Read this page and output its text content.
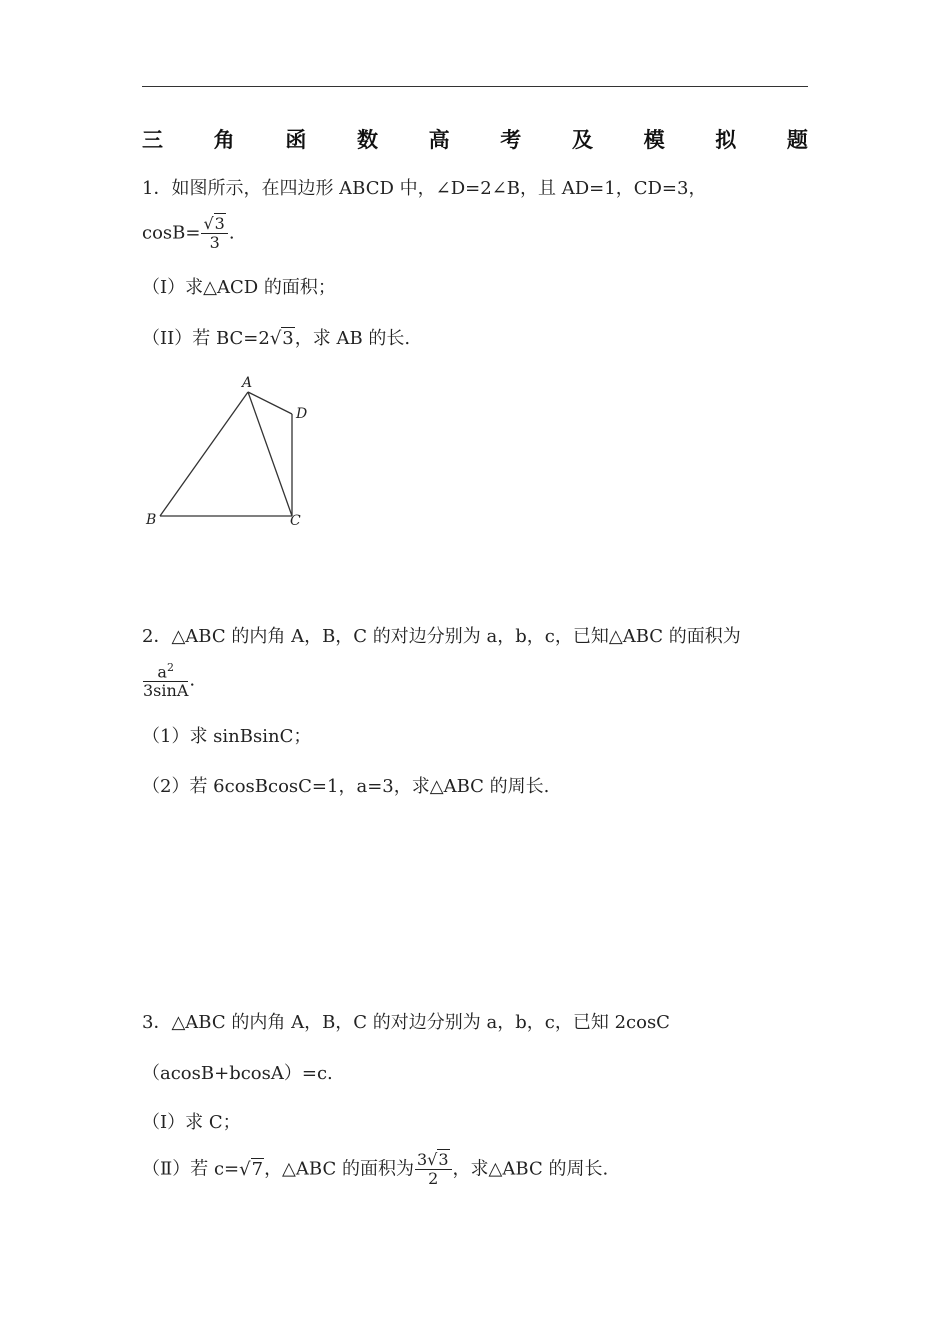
三 角 函 数 高 考 及 模 拟 题
1．如图所示，在四边形 ABCD 中，∠D=2∠B，且 AD=1，CD=3，
$\cos B= \frac{√3}{3}$ .
（I）求△ACD 的面积；
（II）若 BC=2√3，求 AB 的长.
A
D
B	C
2．△ABC 的内角 A，B，C 的对边分别为 a，b，c，已知△ABC 的面积为
$\frac{a^2}{3\sin A}$ .
（1）求 sinBsinC；
（2）若 6cosBcosC=1，a=3，求△ABC 的周长.
3．△ABC 的内角 A，B，C 的对边分别为 a，b，c，已知 2cosC
（acosB+bcosA）=c.
（Ⅰ）求 C；
（Ⅱ）若 c=√7，△ABC 的面积为 $\frac{3√3}{2}$ ，求△ABC 的周长.
